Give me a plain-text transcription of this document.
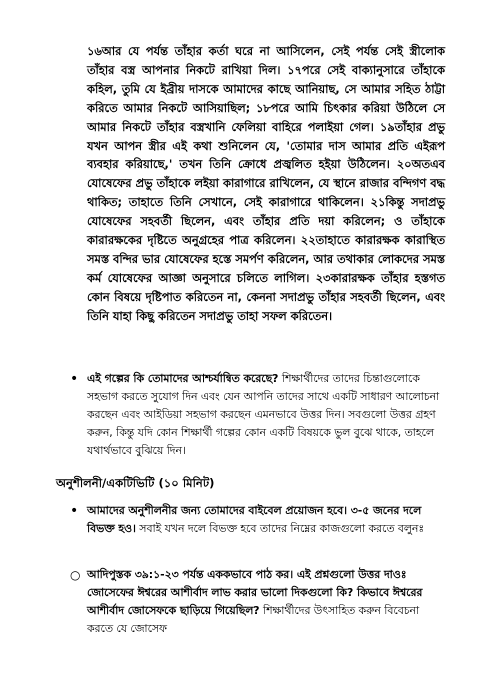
১৬আর যে পর্যন্ত তাঁহার কর্তা ঘরে না আসিলেন, সেই পর্যন্ত সেই স্ত্রীলোক তাঁহার বস্ত্র আপনার নিকটে রাখিয়া দিল। ১৭পরে সেই বাক্যানুসারে তাঁহাকে কহিল, তুমি যে ইব্রীয় দাসকে আমাদের কাছে আনিয়াছ, সে আমার সহিত ঠাট্টা করিতে আমার নিকটে আসিয়াছিল; ১৮পরে আমি চিৎকার করিয়া উঠিলে সে আমার নিকটে তাঁহার বস্ত্রখানি ফেলিয়া বাহিরে পলাইয়া গেল। ১৯তাঁহার প্রভু যখন আপন স্ত্রীর এই কথা শুনিলেন যে, 'তোমার দাস আমার প্রতি এইরূপ ব্যবহার করিয়াছে,' তখন তিনি ক্রোধে প্রজ্বলিত হইয়া উঠিলেন। ২০অতএব যোষেফের প্রভু তাঁহাকে লইয়া কারাগারে রাখিলেন, যে স্থানে রাজার বন্দিগণ বদ্ধ থাকিত; তাহাতে তিনি সেখানে, সেই কারাগারে থাকিলেন। ২১কিন্তু সদাপ্রভু যোষেফের সহবর্তী ছিলেন, এবং তাঁহার প্রতি দয়া করিলেন; ও তাঁহাকে কারারক্ষকের দৃষ্টিতে অনুগ্রহের পাত্র করিলেন। ২২তাহাতে কারারক্ষক কারাস্থিত সমস্ত বন্দির ভার যোষেফের হস্তে সমর্পণ করিলেন, আর তথাকার লোকদের সমস্ত কর্ম যোষেফের আজ্ঞা অনুসারে চলিতে লাগিল। ২৩কারারক্ষক তাঁহার হস্তগত কোন বিষয়ে দৃষ্টিপাত করিতেন না, কেননা সদাপ্রভু তাঁহার সহবর্তী ছিলেন, এবং তিনি যাহা কিছু করিতেন সদাপ্রভু তাহা সফল করিতেন।

• এই গল্পের কি তোমাদের আশ্চর্যান্বিত করেছে? শিক্ষার্থীদের তাদের চিন্তাগুলোকে সহভাগ করতে সুযোগ দিন এবং যেন আপনি তাদের সাথে একটি সাধারণ আলোচনা করছেন এবং আইডিয়া সহভাগ করছেন এমনভাবে উত্তর দিন। সবগুলো উত্তর গ্রহণ করুন, কিন্তু যদি কোন শিক্ষার্থী গল্পের কোন একটি বিষয়কে ভুল বুঝে থাকে, তাহলে যথার্থভাবে বুঝিয়ে দিন।

অনুশীলনী/একটিভিটি (১০ মিনিট)

• আমাদের অনুশীলনীর জন্য তোমাদের বাইবেল প্রয়োজন হবে। ৩-৫ জনের দলে বিভক্ত হও। সবাই যখন দলে বিভক্ত হবে তাদের নিম্নের কাজগুলো করতে বলুনঃ

○ আদিপুস্তক ৩৯:১-২৩ পর্যন্ত এককভাবে পাঠ কর। এই প্রশ্নগুলো উত্তর দাওঃ জোসেফের ঈশ্বরের আশীর্বাদ লাভ করার ভালো দিকগুলো কি? কিভাবে ঈশ্বরের আশীর্বাদ জোসেফকে ছাড়িয়ে গিয়েছিল? শিক্ষার্থীদের উৎসাহিত করুন বিবেচনা করতে যে জোসেফ
